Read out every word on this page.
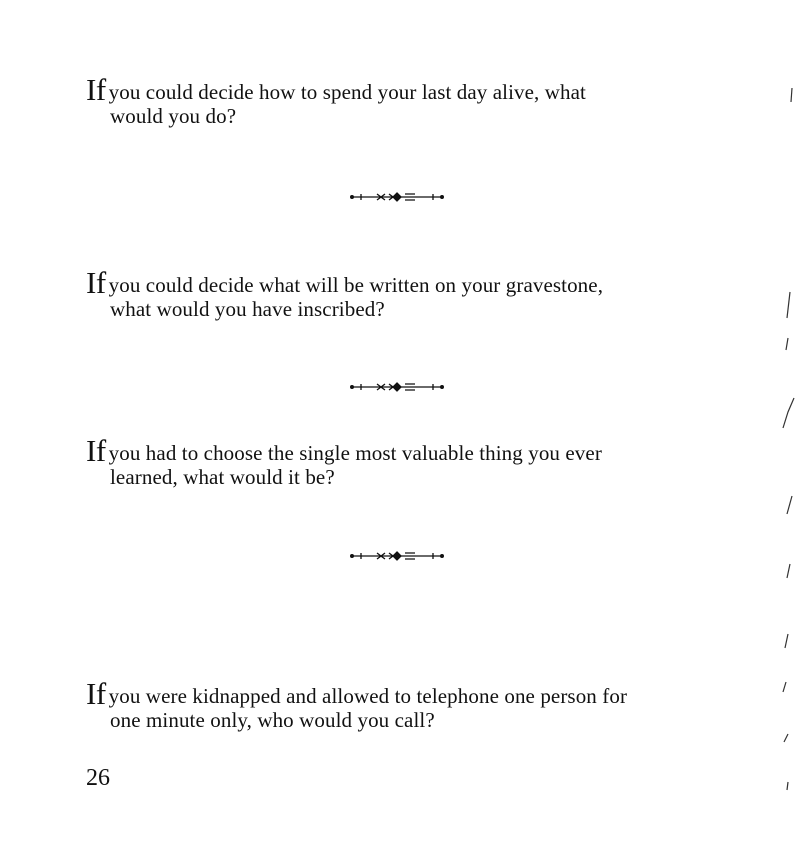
If you could decide how to spend your last day alive, what
would you do?
If you could decide what will be written on your gravestone,
what would you have inscribed?
If you had to choose the single most valuable thing you ever
learned, what would it be?
If you were kidnapped and allowed to telephone one person for
one minute only, who would you call?
26
